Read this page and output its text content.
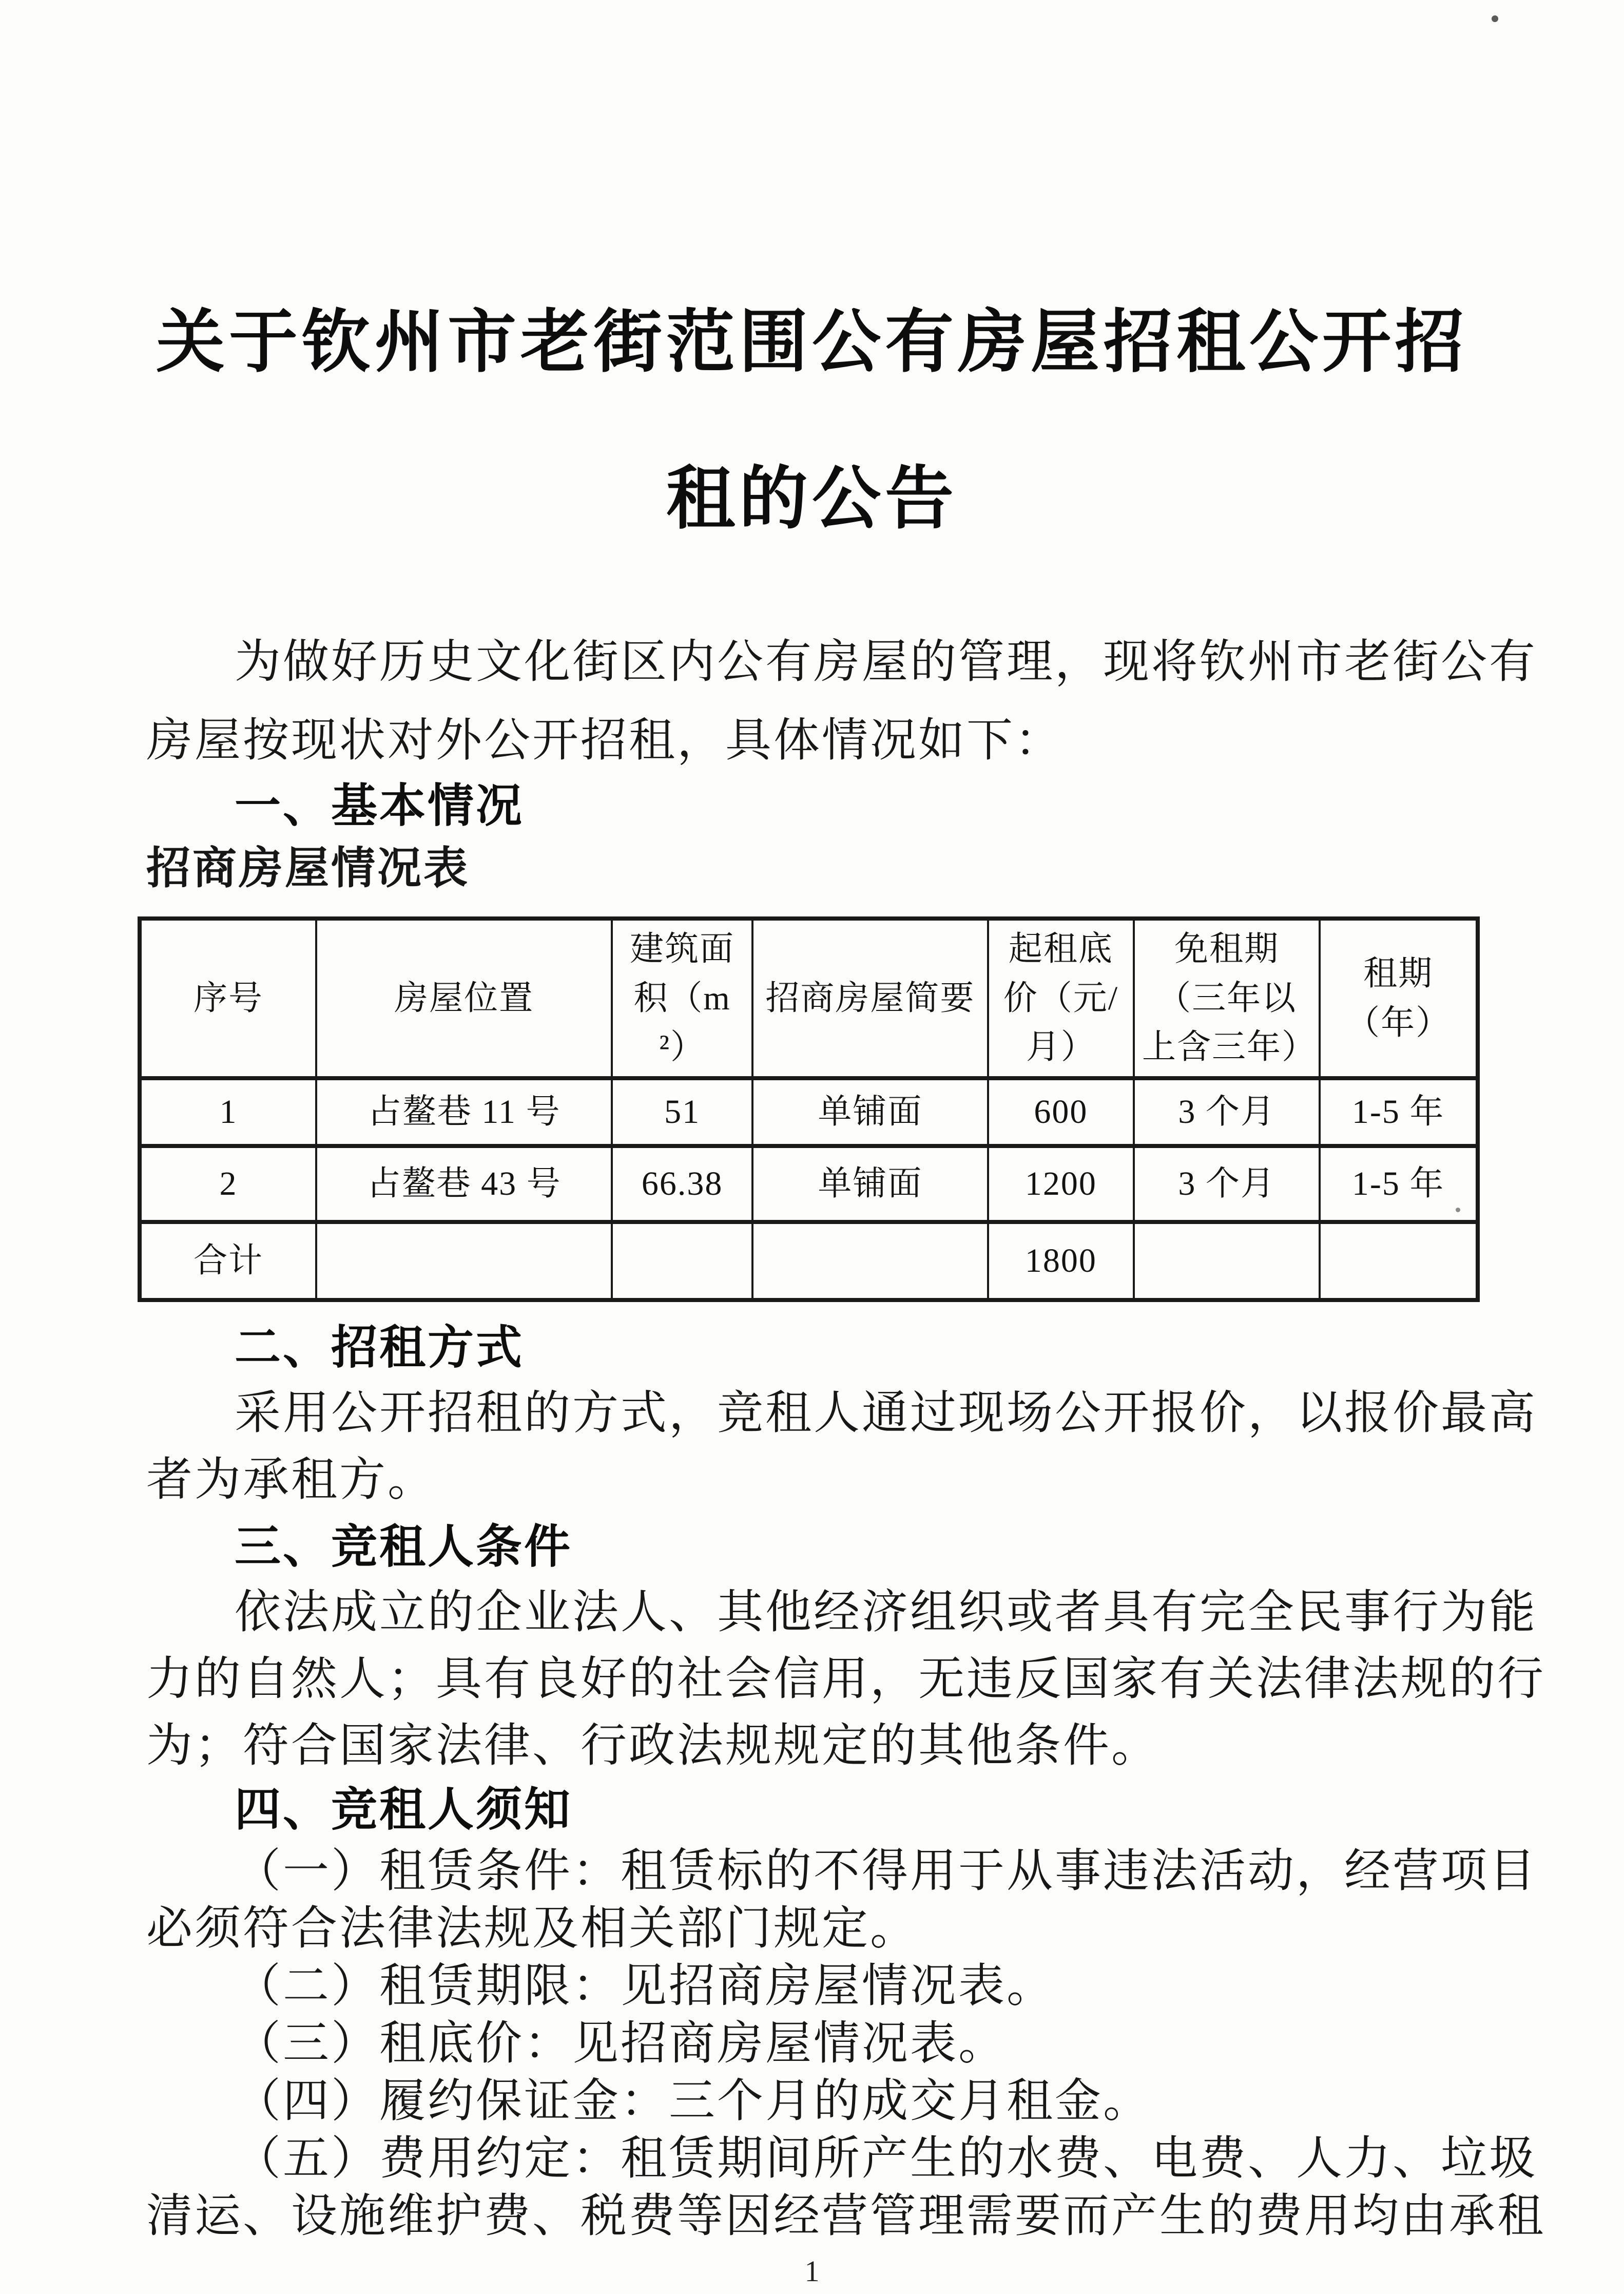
关于钦州市老街范围公有房屋招租公开招
租的公告
为做好历史文化街区内公有房屋的管理，现将钦州市老街公有
房屋按现状对外公开招租，具体情况如下：
一、基本情况
招商房屋情况表
序号	房屋位置	建筑面积（m²）	招商房屋简要	起租底价（元/月）	免租期（三年以上含三年）	租期（年）
1	占鳌巷 11 号	51	单铺面	600	3 个月	1-5 年
2	占鳌巷 43 号	66.38	单铺面	1200	3 个月	1-5 年
合计				1800		
二、招租方式
采用公开招租的方式，竞租人通过现场公开报价，以报价最高
者为承租方。
三、竞租人条件
依法成立的企业法人、其他经济组织或者具有完全民事行为能
力的自然人；具有良好的社会信用，无违反国家有关法律法规的行
为；符合国家法律、行政法规规定的其他条件。
四、竞租人须知
（一）租赁条件：租赁标的不得用于从事违法活动，经营项目
必须符合法律法规及相关部门规定。
（二）租赁期限：见招商房屋情况表。
（三）租底价：见招商房屋情况表。
（四）履约保证金：三个月的成交月租金。
（五）费用约定：租赁期间所产生的水费、电费、人力、垃圾
清运、设施维护费、税费等因经营管理需要而产生的费用均由承租
1
